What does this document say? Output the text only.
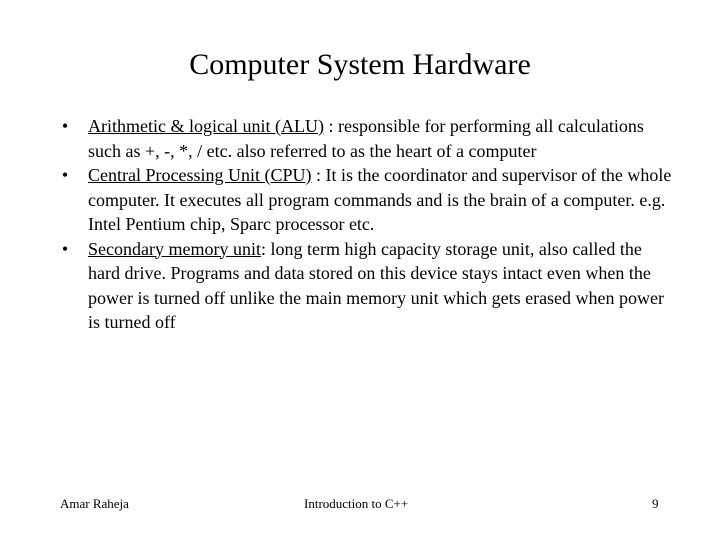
Computer System Hardware
• Arithmetic & logical unit (ALU) : responsible for performing all calculations such as +, -, *, / etc. also referred to as the heart of a computer
• Central Processing Unit (CPU) : It is the coordinator and supervisor of the whole computer. It executes all program commands and is the brain of a computer. e.g. Intel Pentium chip, Sparc processor etc.
• Secondary memory unit: long term high capacity storage unit, also called the hard drive. Programs and data stored on this device stays intact even when the power is turned off unlike the main memory unit which gets erased when power is turned off
Amar Raheja	Introduction to C++	9
